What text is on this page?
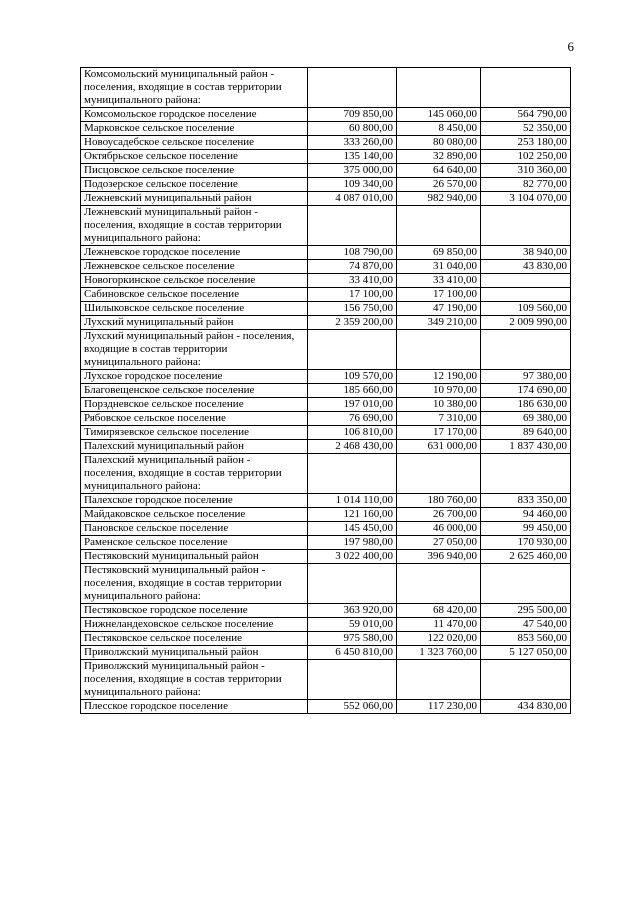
6
Комсомольский муниципальный район - поселения, входящие в состав территории муниципального района:			
Комсомольское городское поселение	709 850,00	145 060,00	564 790,00
Марковское сельское поселение	60 800,00	8 450,00	52 350,00
Новоусадебское сельское поселение	333 260,00	80 080,00	253 180,00
Октябрьское сельское поселение	135 140,00	32 890,00	102 250,00
Писцовское сельское поселение	375 000,00	64 640,00	310 360,00
Подозерское сельское поселение	109 340,00	26 570,00	82 770,00
Лежневский муниципальный район	4 087 010,00	982 940,00	3 104 070,00
Лежневский муниципальный район - поселения, входящие в состав территории муниципального района:			
Лежневское городское поселение	108 790,00	69 850,00	38 940,00
Лежневское сельское поселение	74 870,00	31 040,00	43 830,00
Новогоркинское сельское поселение	33 410,00	33 410,00	
Сабиновское сельское поселение	17 100,00	17 100,00	
Шилыковское сельское поселение	156 750,00	47 190,00	109 560,00
Лухский муниципальный район	2 359 200,00	349 210,00	2 009 990,00
Лухский муниципальный район - поселения, входящие в состав территории муниципального района:			
Лухское городское поселение	109 570,00	12 190,00	97 380,00
Благовещенское сельское поселение	185 660,00	10 970,00	174 690,00
Порздневское сельское поселение	197 010,00	10 380,00	186 630,00
Рябовское сельское поселение	76 690,00	7 310,00	69 380,00
Тимирязевское сельское поселение	106 810,00	17 170,00	89 640,00
Палехский муниципальный район	2 468 430,00	631 000,00	1 837 430,00
Палехский муниципальный район - поселения, входящие в состав территории муниципального района:			
Палехское городское поселение	1 014 110,00	180 760,00	833 350,00
Майдаковское сельское поселение	121 160,00	26 700,00	94 460,00
Пановское сельское поселение	145 450,00	46 000,00	99 450,00
Раменское сельское поселение	197 980,00	27 050,00	170 930,00
Пестяковский муниципальный район	3 022 400,00	396 940,00	2 625 460,00
Пестяковский муниципальный район - поселения, входящие в состав территории муниципального района:			
Пестяковское городское поселение	363 920,00	68 420,00	295 500,00
Нижнеландеховское сельское поселение	59 010,00	11 470,00	47 540,00
Пестяковское сельское поселение	975 580,00	122 020,00	853 560,00
Приволжский муниципальный район	6 450 810,00	1 323 760,00	5 127 050,00
Приволжский муниципальный район - поселения, входящие в состав территории муниципального района:			
Плесское городское поселение	552 060,00	117 230,00	434 830,00
